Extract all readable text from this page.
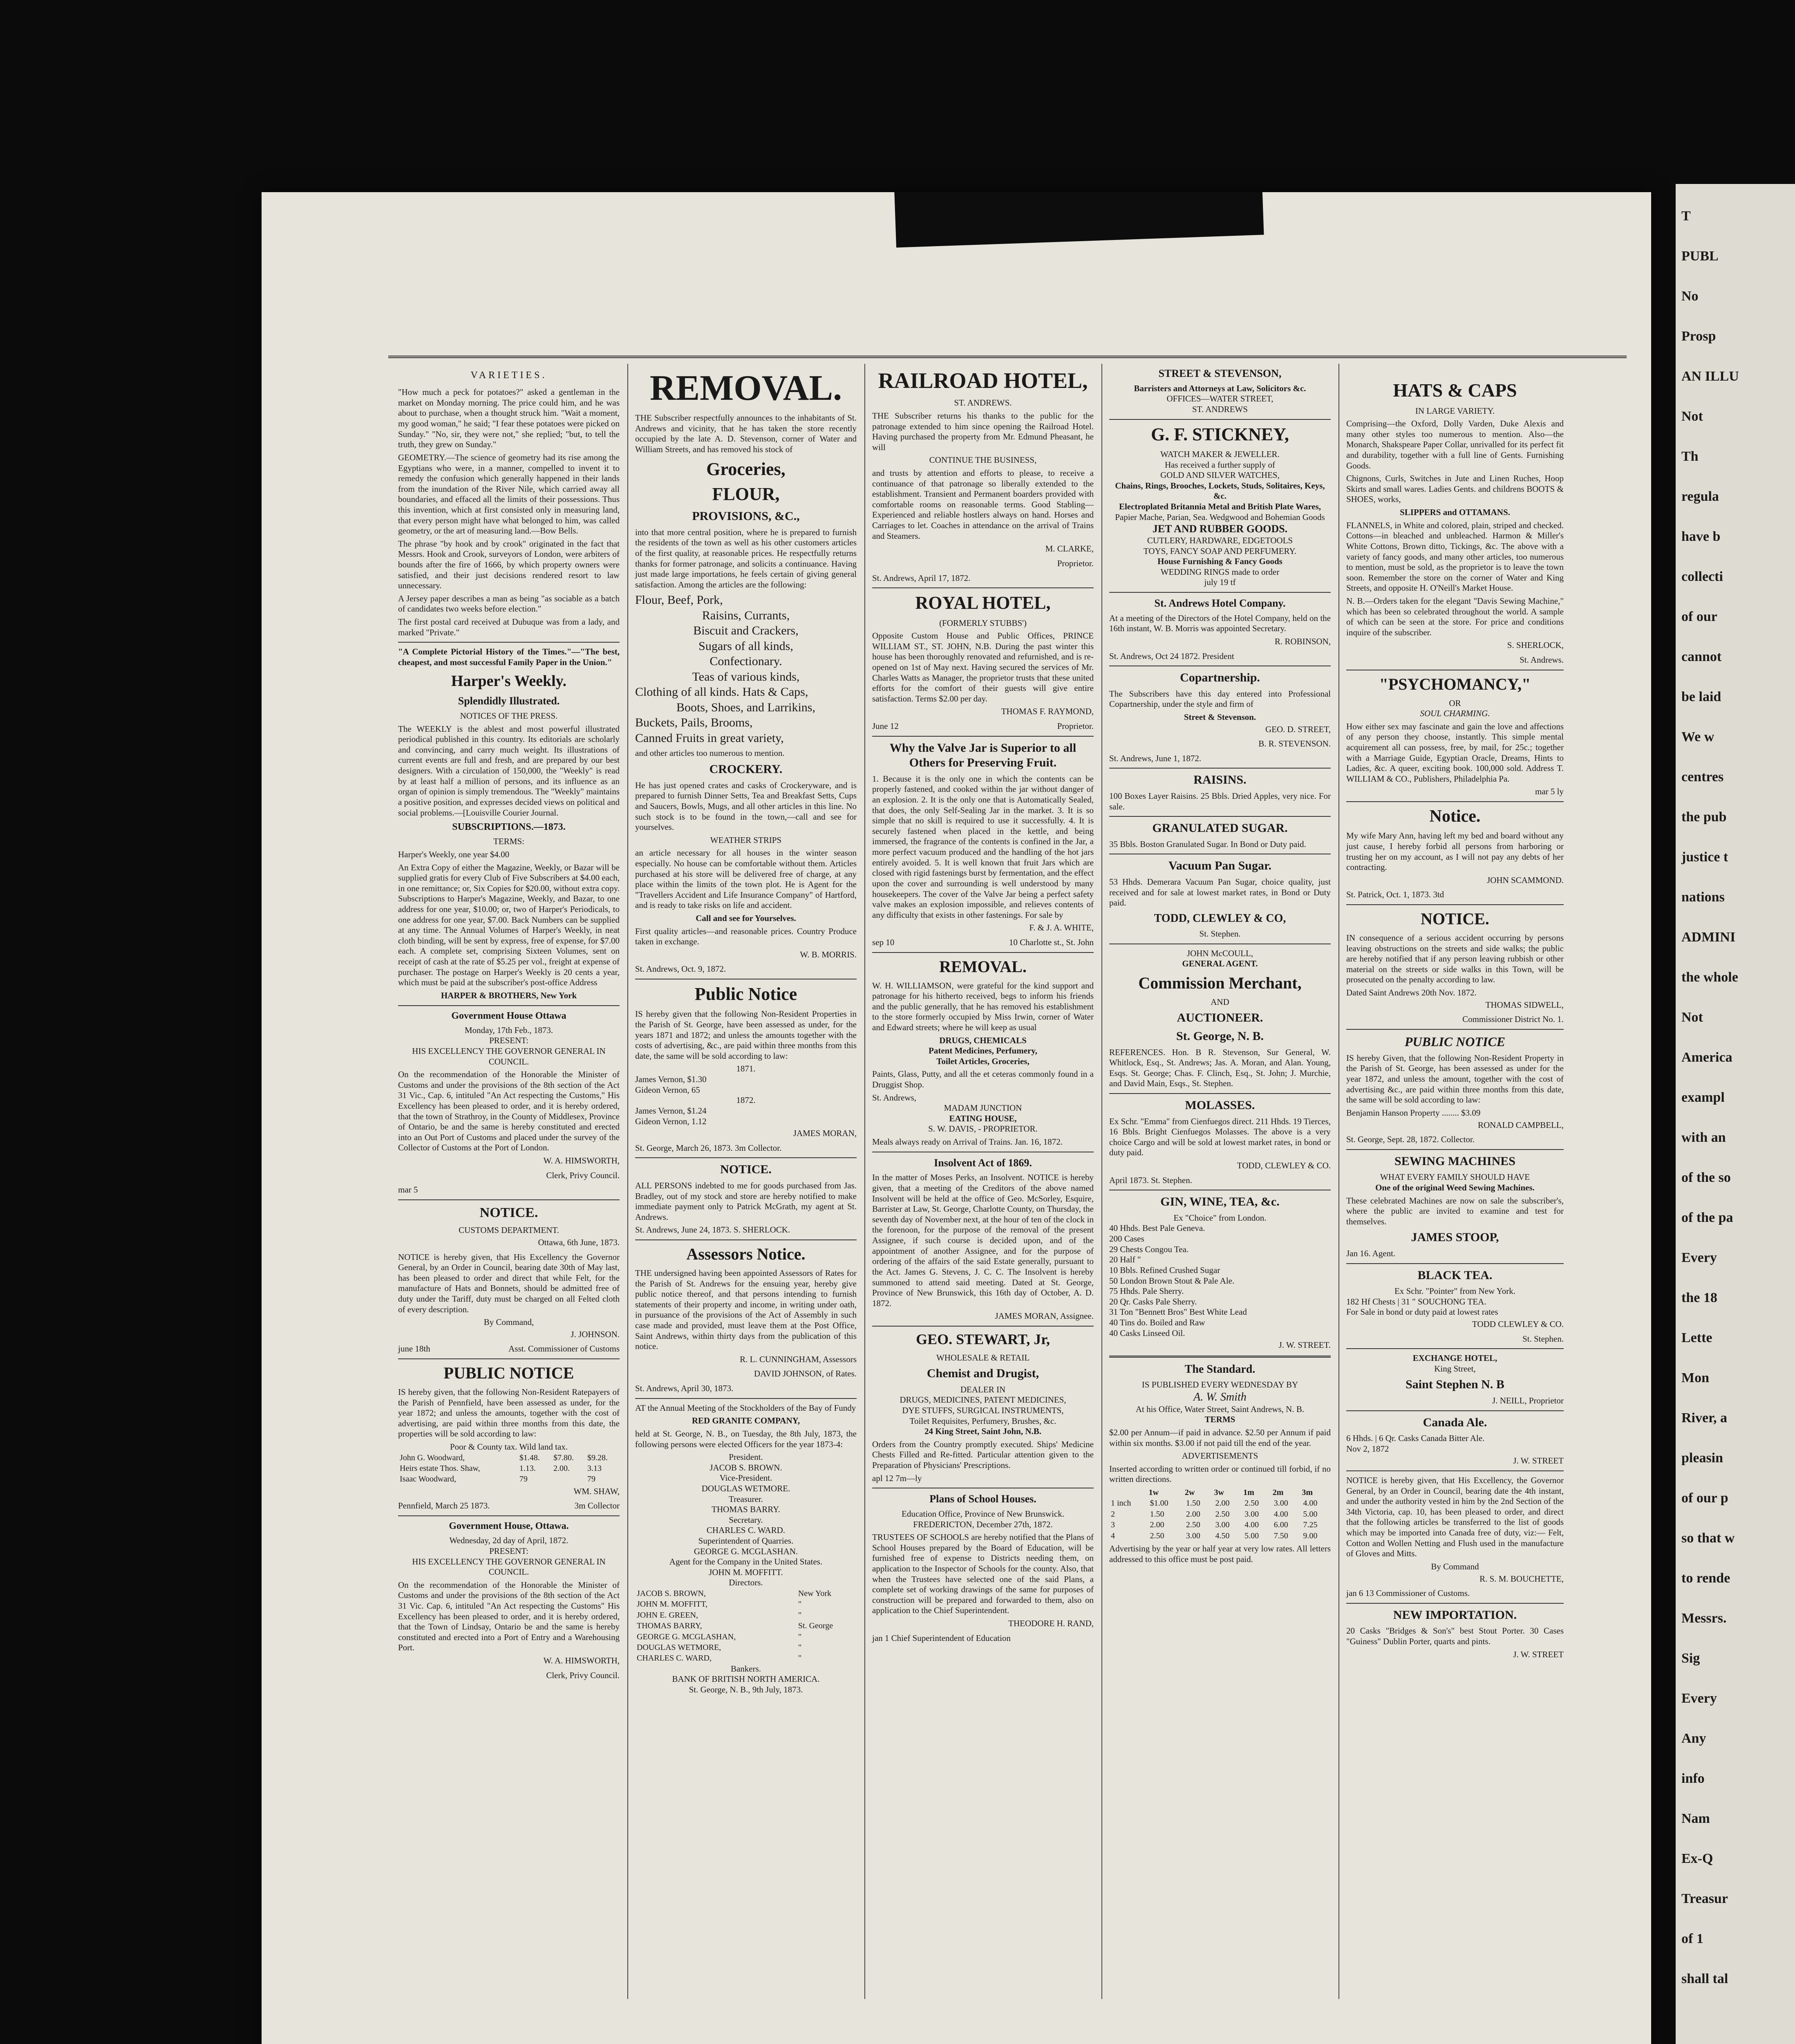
T
PUBL
No
Prosp
AN ILLU
Not
Th
regula
have b
collecti
of our
cannot
be laid
We w
centres
the pub
justice t
nations
ADMINI
the whole
Not
America
exampl
with an
of the so
of the pa
Every
the 18
Lette
Mon
River, a
pleasin
of our p
so that w
to rende
Messrs.
Sig
Every
Any
info
Nam
Ex-Q
Treasur
of 1
shall tal
VARIETIES.

"How much a peck for potatoes?" asked a gentleman in the market on Monday morning. The price could him, and he was about to purchase, when a thought struck him. "Wait a moment, my good woman," he said; "I fear these potatoes were picked on Sunday." "No, sir, they were not," she replied; "but, to tell the truth, they grew on Sunday."

GEOMETRY.—The science of geometry had its rise among the Egyptians who were, in a manner, compelled to invent it to remedy the confusion which generally happened in their lands from the inundation of the River Nile, which carried away all boundaries, and effaced all the limits of their possessions. Thus this invention, which at first consisted only in measuring land, that every person might have what belonged to him, was called geometry, or the art of measuring land.—Bow Bells.

The phrase "by hook and by crook" originated in the fact that Messrs. Hook and Crook, surveyors of London, were arbiters of bounds after the fire of 1666, by which property owners were satisfied, and their just decisions rendered resort to law unnecessary.

A Jersey paper describes a man as being "as sociable as a batch of candidates two weeks before election."

The first postal card received at Dubuque was from a lady, and marked "Private."

"A Complete Pictorial History of the Times."—"The best, cheapest, and most successful Family Paper in the Union."

Harper's Weekly.
Splendidly Illustrated.
NOTICES OF THE PRESS.

The WEEKLY is the ablest and most powerful illustrated periodical published in this country. Its editorials are scholarly and convincing, and carry much weight. Its illustrations of current events are full and fresh, and are prepared by our best designers. With a circulation of 150,000, the "Weekly" is read by at least half a million of persons, and its influence as an organ of opinion is simply tremendous. The "Weekly" maintains a positive position, and expresses decided views on political and social problems.—[Louisville Courier Journal.

SUBSCRIPTIONS.—1873.
TERMS:

Harper's Weekly, one year $4.00

An Extra Copy of either the Magazine, Weekly, or Bazar will be supplied gratis for every Club of Five Subscribers at $4.00 each, in one remittance; or, Six Copies for $20.00, without extra copy. Subscriptions to Harper's Magazine, Weekly, and Bazar, to one address for one year, $10.00; or, two of Harper's Periodicals, to one address for one year, $7.00. Back Numbers can be supplied at any time. The Annual Volumes of Harper's Weekly, in neat cloth binding, will be sent by express, free of expense, for $7.00 each. A complete set, comprising Sixteen Volumes, sent on receipt of cash at the rate of $5.25 per vol., freight at expense of purchaser. The postage on Harper's Weekly is 20 cents a year, which must be paid at the subscriber's post-office Address

HARPER & BROTHERS, New York
Government House Ottawa
Monday, 17th Feb., 1873.
PRESENT:
HIS EXCELLENCY THE GOVERNOR GENERAL IN COUNCIL.

On the recommendation of the Honorable the Minister of Customs and under the provisions of the 8th section of the Act 31 Vic., Cap. 6, intituled "An Act respecting the Customs," His Excellency has been pleased to order, and it is hereby ordered, that the town of Strathroy, in the County of Middlesex, Province of Ontario, be and the same is hereby constituted and erected into an Out Port of Customs and placed under the survey of the Collector of Customs at the Port of London.

W. A. HIMSWORTH,
Clerk, Privy Council.
mar 5
NOTICE.
CUSTOMS DEPARTMENT.
Ottawa, 6th June, 1873.

NOTICE is hereby given, that His Excellency the Governor General, by an Order in Council, bearing date 30th of May last, has been pleased to order and direct that while Felt, for the manufacture of Hats and Bonnets, should be admitted free of duty under the Tariff, duty must be charged on all Felted cloth of every description.

By Command,
J. JOHNSON.
june 18th	Asst. Commissioner of Customs
PUBLIC NOTICE

IS hereby given, that the following Non-Resident Ratepayers of the Parish of Pennfield, have been assessed as under, for the year 1872; and unless the amounts, together with the cost of advertising, are paid within three months from this date, the properties will be sold according to law:

Poor & County tax. Wild land tax.
John G. Woodward,	$1.48.	$7.80.	$9.28.
Heirs estate Thos. Shaw,	1.13.	2.00.	3.13
Isaac Woodward,	79		79
WM. SHAW,
Pennfield, March 25 1873.	3m Collector
Government House, Ottawa.
Wednesday, 2d day of April, 1872.
PRESENT:
HIS EXCELLENCY THE GOVERNOR GENERAL IN COUNCIL.

On the recommendation of the Honorable the Minister of Customs and under the provisions of the 8th section of the Act 31 Vic. Cap. 6, intituled "An Act respecting the Customs" His Excellency has been pleased to order, and it is hereby ordered, that the Town of Lindsay, Ontario be and the same is hereby constituted and erected into a Port of Entry and a Warehousing Port.

W. A. HIMSWORTH,
Clerk, Privy Council.
REMOVAL.

THE Subscriber respectfully announces to the inhabitants of St. Andrews and vicinity, that he has taken the store recently occupied by the late A. D. Stevenson, corner of Water and William Streets, and has removed his stock of

Groceries,
FLOUR,
PROVISIONS, &C.,

into that more central position, where he is prepared to furnish the residents of the town as well as his other customers articles of the first quality, at reasonable prices. He respectfully returns thanks for former patronage, and solicits a continuance. Having just made large importations, he feels certain of giving general satisfaction. Among the articles are the following:

Flour, Beef, Pork,
Raisins, Currants,
Biscuit and Crackers,
Sugars of all kinds,
Confectionary.
Teas of various kinds,
Clothing of all kinds. Hats & Caps,
Boots, Shoes, and Larrikins,
Buckets, Pails, Brooms,
Canned Fruits in great variety,

and other articles too numerous to mention.

CROCKERY.

He has just opened crates and casks of Crockeryware, and is prepared to furnish Dinner Setts, Tea and Breakfast Setts, Cups and Saucers, Bowls, Mugs, and all other articles in this line. No such stock is to be found in the town,—call and see for yourselves.

WEATHER STRIPS

an article necessary for all houses in the winter season especially. No house can be comfortable without them. Articles purchased at his store will be delivered free of charge, at any place within the limits of the town plot. He is Agent for the "Travellers Accident and Life Insurance Company" of Hartford, and is ready to take risks on life and accident.

Call and see for Yourselves.

First quality articles—and reasonable prices. Country Produce taken in exchange.

W. B. MORRIS.
St. Andrews, Oct. 9, 1872.
Public Notice

IS hereby given that the following Non-Resident Properties in the Parish of St. George, have been assessed as under, for the years 1871 and 1872; and unless the amounts together with the costs of advertising, &c., are paid within three months from this date, the same will be sold according to law:

1871.
James Vernon, $1.30
Gideon Vernon, 65
1872.
James Vernon, $1.24
Gideon Vernon, 1.12
JAMES MORAN,
St. George, March 26, 1873. 3m Collector.
NOTICE.

ALL PERSONS indebted to me for goods purchased from Jas. Bradley, out of my stock and store are hereby notified to make immediate payment only to Patrick McGrath, my agent at St. Andrews.

St. Andrews, June 24, 1873. S. SHERLOCK.
Assessors Notice.

THE undersigned having been appointed Assessors of Rates for the Parish of St. Andrews for the ensuing year, hereby give public notice thereof, and that persons intending to furnish statements of their property and income, in writing under oath, in pursuance of the provisions of the Act of Assembly in such case made and provided, must leave them at the Post Office, Saint Andrews, within thirty days from the publication of this notice.

R. L. CUNNINGHAM, Assessors
DAVID JOHNSON, of Rates.
St. Andrews, April 30, 1873.

AT the Annual Meeting of the Stockholders of the Bay of Fundy

RED GRANITE COMPANY,

held at St. George, N. B., on Tuesday, the 8th July, 1873, the following persons were elected Officers for the year 1873-4:

President.
JACOB S. BROWN.
Vice-President.
DOUGLAS WETMORE.
Treasurer.
THOMAS BARRY.
Secretary.
CHARLES C. WARD.
Superintendent of Quarries.
GEORGE G. MCGLASHAN.
Agent for the Company in the United States.
JOHN M. MOFFITT.
Directors.
JACOB S. BROWN,	New York
JOHN M. MOFFITT,	"
JOHN E. GREEN,	"
THOMAS BARRY,	St. George
GEORGE G. MCGLASHAN,	"
DOUGLAS WETMORE,	"
CHARLES C. WARD,	"
Bankers.
BANK OF BRITISH NORTH AMERICA.
St. George, N. B., 9th July, 1873.
RAILROAD HOTEL,
ST. ANDREWS.

THE Subscriber returns his thanks to the public for the patronage extended to him since opening the Railroad Hotel. Having purchased the property from Mr. Edmund Pheasant, he will

CONTINUE THE BUSINESS,

and trusts by attention and efforts to please, to receive a continuance of that patronage so liberally extended to the establishment. Transient and Permanent boarders provided with comfortable rooms on reasonable terms. Good Stabling—Experienced and reliable hostlers always on hand. Horses and Carriages to let. Coaches in attendance on the arrival of Trains and Steamers.

M. CLARKE,
Proprietor.
St. Andrews, April 17, 1872.
ROYAL HOTEL,
(FORMERLY STUBBS')

Opposite Custom House and Public Offices, PRINCE WILLIAM ST., ST. JOHN, N.B. During the past winter this house has been thoroughly renovated and refurnished, and is re-opened on 1st of May next. Having secured the services of Mr. Charles Watts as Manager, the proprietor trusts that these united efforts for the comfort of their guests will give entire satisfaction. Terms $2.00 per day.

THOMAS F. RAYMOND,
June 12	Proprietor.
Why the Valve Jar is Superior to all Others for Preserving Fruit.

1. Because it is the only one in which the contents can be properly fastened, and cooked within the jar without danger of an explosion. 2. It is the only one that is Automatically Sealed, that does, the only Self-Sealing Jar in the market. 3. It is so simple that no skill is required to use it successfully. 4. It is securely fastened when placed in the kettle, and being immersed, the fragrance of the contents is confined in the Jar, a more perfect vacuum produced and the handling of the hot jars entirely avoided. 5. It is well known that fruit Jars which are closed with rigid fastenings burst by fermentation, and the effect upon the cover and surrounding is well understood by many housekeepers. The cover of the Valve Jar being a perfect safety valve makes an explosion impossible, and relieves contents of any difficulty that exists in other fastenings. For sale by

F. & J. A. WHITE,
sep 10	10 Charlotte st., St. John
REMOVAL.

W. H. WILLIAMSON, were grateful for the kind support and patronage for his hitherto received, begs to inform his friends and the public generally, that he has removed his establishment to the store formerly occupied by Miss Irwin, corner of Water and Edward streets; where he will keep as usual

DRUGS, CHEMICALS
Patent Medicines, Perfumery,
Toilet Articles, Groceries,

Paints, Glass, Putty, and all the et ceteras commonly found in a Druggist Shop.

St. Andrews,
MADAM JUNCTION
EATING HOUSE,
S. W. DAVIS, - PROPRIETOR.

Meals always ready on Arrival of Trains. Jan. 16, 1872.

Insolvent Act of 1869.

In the matter of Moses Perks, an Insolvent. NOTICE is hereby given, that a meeting of the Creditors of the above named Insolvent will be held at the office of Geo. McSorley, Esquire, Barrister at Law, St. George, Charlotte County, on Thursday, the seventh day of November next, at the hour of ten of the clock in the forenoon, for the purpose of the removal of the present Assignee, if such course is decided upon, and of the appointment of another Assignee, and for the purpose of ordering of the affairs of the said Estate generally, pursuant to the Act. James G. Stevens, J. C. C. The Insolvent is hereby summoned to attend said meeting. Dated at St. George, Province of New Brunswick, this 16th day of October, A. D. 1872.

JAMES MORAN, Assignee.
GEO. STEWART, Jr,
WHOLESALE & RETAIL
Chemist and Drugist,
DEALER IN
DRUGS, MEDICINES, PATENT MEDICINES,
DYE STUFFS, SURGICAL INSTRUMENTS,
Toilet Requisites, Perfumery, Brushes, &c.
24 King Street, Saint John, N.B.

Orders from the Country promptly executed. Ships' Medicine Chests Filled and Re-fitted. Particular attention given to the Preparation of Physicians' Prescriptions.

apl 12 7m—ly
Plans of School Houses.
Education Office, Province of New Brunswick.
FREDERICTON, December 27th, 1872.

TRUSTEES OF SCHOOLS are hereby notified that the Plans of School Houses prepared by the Board of Education, will be furnished free of expense to Districts needing them, on application to the Inspector of Schools for the county. Also, that when the Trustees have selected one of the said Plans, a complete set of working drawings of the same for purposes of construction will be prepared and forwarded to them, also on application to the Chief Superintendent.

THEODORE H. RAND,
jan 1 Chief Superintendent of Education
STREET & STEVENSON,
Barristers and Attorneys at Law, Solicitors &c.
OFFICES—WATER STREET,
ST. ANDREWS
G. F. STICKNEY,
WATCH MAKER & JEWELLER.
Has received a further supply of
GOLD AND SILVER WATCHES,
Chains, Rings, Brooches, Lockets, Studs, Solitaires, Keys, &c.
Electroplated Britannia Metal and British Plate Wares,
Papier Mache, Parian, Sea. Wedgwood and Bohemian Goods
JET AND RUBBER GOODS.
CUTLERY, HARDWARE, EDGETOOLS
TOYS, FANCY SOAP AND PERFUMERY.
House Furnishing & Fancy Goods
WEDDING RINGS made to order
july 19 tf
St. Andrews Hotel Company.

At a meeting of the Directors of the Hotel Company, held on the 16th instant, W. B. Morris was appointed Secretary.

R. ROBINSON,
St. Andrews, Oct 24 1872. President
Copartnership.

The Subscribers have this day entered into Professional Copartnership, under the style and firm of

Street & Stevenson.
GEO. D. STREET,
B. R. STEVENSON.
St. Andrews, June 1, 1872.
RAISINS.

100 Boxes Layer Raisins. 25 Bbls. Dried Apples, very nice. For sale.

GRANULATED SUGAR.

35 Bbls. Boston Granulated Sugar. In Bond or Duty paid.

Vacuum Pan Sugar.

53 Hhds. Demerara Vacuum Pan Sugar, choice quality, just received and for sale at lowest market rates, in Bond or Duty paid.

TODD, CLEWLEY & CO,
St. Stephen.
JOHN McCOULL,
GENERAL AGENT.
Commission Merchant,
AND
AUCTIONEER.
St. George, N. B.

REFERENCES. Hon. B R. Stevenson, Sur General, W. Whitlock, Esq., St. Andrews; Jas. A. Moran, and Alan. Young, Esqs. St. George; Chas. F. Clinch, Esq., St. John; J. Murchie, and David Main, Esqs., St. Stephen.

MOLASSES.

Ex Schr. "Emma" from Cienfuegos direct. 211 Hhds. 19 Tierces, 16 Bbls. Bright Cienfuegos Molasses. The above is a very choice Cargo and will be sold at lowest market rates, in bond or duty paid.

TODD, CLEWLEY & CO.
April 1873. St. Stephen.
GIN, WINE, TEA, &c.
Ex "Choice" from London.
40 Hhds. Best Pale Geneva.
200 Cases
29 Chests Congou Tea.
20 Half "
10 Bbls. Refined Crushed Sugar
50 London Brown Stout & Pale Ale.
75 Hhds. Pale Sherry.
20 Qr. Casks Pale Sherry.
31 Ton "Bennett Bros" Best White Lead
40 Tins do. Boiled and Raw
40 Casks Linseed Oil.
J. W. STREET.
The Standard.
IS PUBLISHED EVERY WEDNESDAY BY
A. W. Smith
At his Office, Water Street, Saint Andrews, N. B.
TERMS

$2.00 per Annum—if paid in advance. $2.50 per Annum if paid within six months. $3.00 if not paid till the end of the year.

ADVERTISEMENTS

Inserted according to written order or continued till forbid, if no written directions.

	1w	2w	3w	1m	2m	3m
1 inch	$1.00	1.50	2.00	2.50	3.00	4.00
2	1.50	2.00	2.50	3.00	4.00	5.00
3	2.00	2.50	3.00	4.00	6.00	7.25
4	2.50	3.00	4.50	5.00	7.50	9.00

Advertising by the year or half year at very low rates. All letters addressed to this office must be post paid.

HATS & CAPS
IN LARGE VARIETY.

Comprising—the Oxford, Dolly Varden, Duke Alexis and many other styles too numerous to mention. Also—the Monarch, Shakspeare Paper Collar, unrivalled for its perfect fit and durability, together with a full line of Gents. Furnishing Goods.

Chignons, Curls, Switches in Jute and Linen Ruches, Hoop Skirts and small wares. Ladies Gents. and childrens BOOTS & SHOES, works,

SLIPPERS and OTTAMANS.

FLANNELS, in White and colored, plain, striped and checked. Cottons—in bleached and unbleached. Harmon & Miller's White Cottons, Brown ditto, Tickings, &c. The above with a variety of fancy goods, and many other articles, too numerous to mention, must be sold, as the proprietor is to leave the town soon. Remember the store on the corner of Water and King Streets, and opposite H. O'Neill's Market House.

N. B.—Orders taken for the elegant "Davis Sewing Machine," which has been so celebrated throughout the world. A sample of which can be seen at the store. For price and conditions inquire of the subscriber.

S. SHERLOCK,
St. Andrews.
"PSYCHOMANCY,"
OR
SOUL CHARMING.

How either sex may fascinate and gain the love and affections of any person they choose, instantly. This simple mental acquirement all can possess, free, by mail, for 25c.; together with a Marriage Guide, Egyptian Oracle, Dreams, Hints to Ladies, &c. A queer, exciting book. 100,000 sold. Address T. WILLIAM & CO., Publishers, Philadelphia Pa.

mar 5 ly
Notice.

My wife Mary Ann, having left my bed and board without any just cause, I hereby forbid all persons from harboring or trusting her on my account, as I will not pay any debts of her contracting.

JOHN SCAMMOND.
St. Patrick, Oct. 1, 1873. 3td
NOTICE.

IN consequence of a serious accident occurring by persons leaving obstructions on the streets and side walks; the public are hereby notified that if any person leaving rubbish or other material on the streets or side walks in this Town, will be prosecuted on the penalty according to law.

Dated Saint Andrews 20th Nov. 1872.
THOMAS SIDWELL,
Commissioner District No. 1.
PUBLIC NOTICE

IS hereby Given, that the following Non-Resident Property in the Parish of St. George, has been assessed as under for the year 1872, and unless the amount, together with the cost of advertising &c., are paid within three months from this date, the same will be sold according to law:

Benjamin Hanson Property ........ $3.09
RONALD CAMPBELL,
St. George, Sept. 28, 1872. Collector.
SEWING MACHINES
WHAT EVERY FAMILY SHOULD HAVE
One of the original Weed Sewing Machines.

These celebrated Machines are now on sale the subscriber's, where the public are invited to examine and test for themselves.

JAMES STOOP,
Jan 16. Agent.
BLACK TEA.
Ex Schr. "Pointer" from New York.
182 Hf Chests | 31 " SOUCHONG TEA.
For Sale in bond or duty paid at lowest rates
TODD CLEWLEY & CO.
St. Stephen.
EXCHANGE HOTEL,
King Street,
Saint Stephen N. B
J. NEILL, Proprietor
Canada Ale.
6 Hhds. | 6 Qr. Casks Canada Bitter Ale.
Nov 2, 1872
J. W. STREET

NOTICE is hereby given, that His Excellency, the Governor General, by an Order in Council, bearing date the 4th instant, and under the authority vested in him by the 2nd Section of the 34th Victoria, cap. 10, has been pleased to order, and direct that the following articles be transferred to the list of goods which may be imported into Canada free of duty, viz:— Felt, Cotton and Wollen Netting and Flush used in the manufacture of Gloves and Mitts.

By Command
R. S. M. BOUCHETTE,
jan 6 13 Commissioner of Customs.
NEW IMPORTATION.

20 Casks "Bridges & Son's" best Stout Porter. 30 Cases "Guiness" Dublin Porter, quarts and pints.

J. W. STREET
